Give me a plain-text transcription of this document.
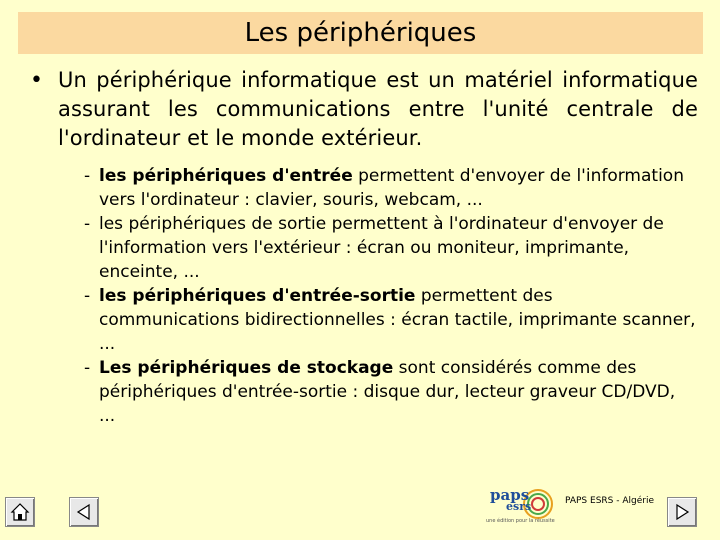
Les périphériques
• Un périphérique informatique est un matériel informatique assurant les communications entre l'unité centrale de l'ordinateur et le monde extérieur.
- les périphériques d'entrée permettent d'envoyer de l'information vers l'ordinateur : clavier, souris, webcam, ...
- les périphériques de sortie permettent à l'ordinateur d'envoyer de l'information vers l'extérieur : écran ou moniteur, imprimante, enceinte, ...
- les périphériques d'entrée-sortie permettent des communications bidirectionnelles : écran tactile, imprimante scanner, ...
- Les périphériques de stockage sont considérés comme des périphériques d'entrée-sortie : disque dur, lecteur graveur CD/DVD, ...
paps
esrs
une édition pour la réussite
PAPS ESRS - Algérie
